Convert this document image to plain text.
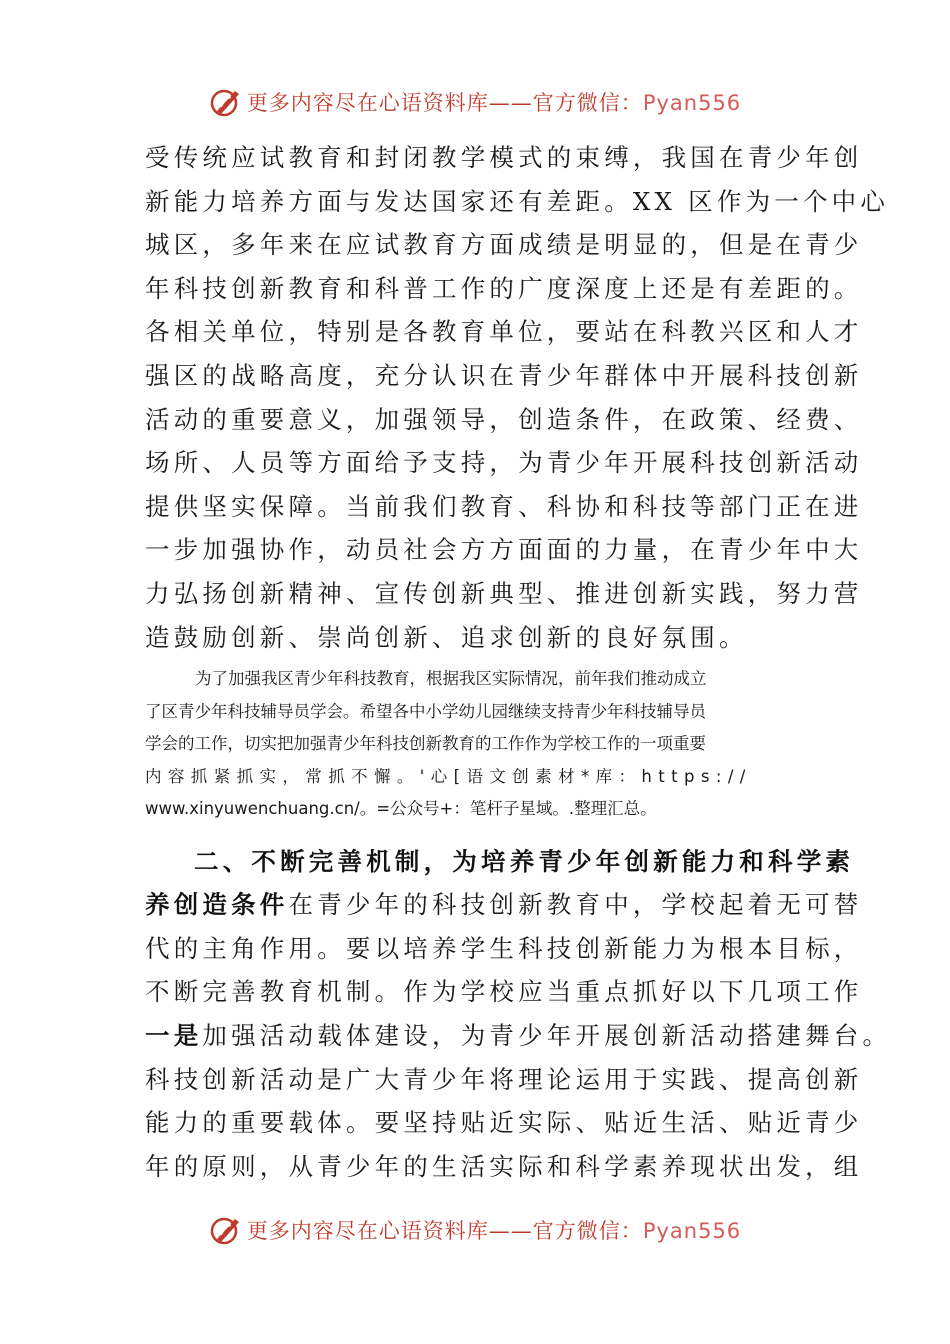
更多内容尽在心语资料库——官方微信：Pyan556
受传统应试教育和封闭教学模式的束缚，我国在青少年创
新能力培养方面与发达国家还有差距。XX 区作为一个中心
城区，多年来在应试教育方面成绩是明显的，但是在青少
年科技创新教育和科普工作的广度深度上还是有差距的。
各相关单位，特别是各教育单位，要站在科教兴区和人才
强区的战略高度，充分认识在青少年群体中开展科技创新
活动的重要意义，加强领导，创造条件，在政策、经费、
场所、人员等方面给予支持，为青少年开展科技创新活动
提供坚实保障。当前我们教育、科协和科技等部门正在进
一步加强协作，动员社会方方面面的力量，在青少年中大
力弘扬创新精神、宣传创新典型、推进创新实践，努力营
造鼓励创新、崇尚创新、追求创新的良好氛围。
为了加强我区青少年科技教育，根据我区实际情况，前年我们推动成立
了区青少年科技辅导员学会。希望各中小学幼儿园继续支持青少年科技辅导员
学会的工作，切实把加强青少年科技创新教育的工作作为学校工作的一项重要
内容抓紧抓实，常抓不懈。'心[语文创素材*库：https://
www.xinyuwenchuang.cn/。=公众号+：笔杆子星域。.整理汇总。
二、不断完善机制，为培养青少年创新能力和科学素
养创造条件在青少年的科技创新教育中，学校起着无可替
代的主角作用。要以培养学生科技创新能力为根本目标，
不断完善教育机制。作为学校应当重点抓好以下几项工作
一是加强活动载体建设，为青少年开展创新活动搭建舞台。
科技创新活动是广大青少年将理论运用于实践、提高创新
能力的重要载体。要坚持贴近实际、贴近生活、贴近青少
年的原则，从青少年的生活实际和科学素养现状出发，组
更多内容尽在心语资料库——官方微信：Pyan556
